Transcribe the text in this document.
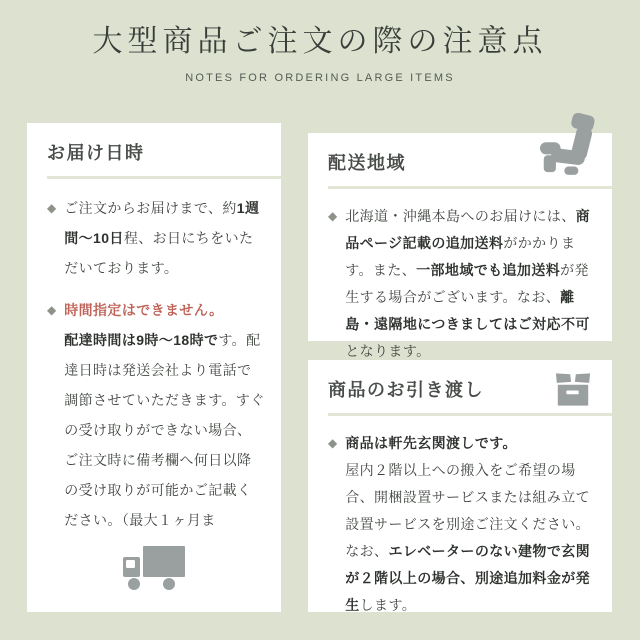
大型商品ご注文の際の注意点
NOTES FOR ORDERING LARGE ITEMS
お届け日時
◆ ご注文からお届けまで、約1週間～10日程、お日にちをいただいております。

◆ 時間指定はできません。
配達時間は9時～18時です。配達日時は発送会社より電話で調節させていただきます。すぐの受け取りができない場合、ご注文時に備考欄へ何日以降の受け取りが可能かご記載ください。（最大１ヶ月ま

配送地域
◆ 北海道・沖縄本島へのお届けには、商品ページ記載の追加送料がかかります。また、一部地域でも追加送料が発生する場合がございます。なお、離島・遠隔地につきましてはご対応不可となります。

商品のお引き渡し
◆ 商品は軒先玄関渡しです。
屋内２階以上への搬入をご希望の場合、開梱設置サービスまたは組み立て設置サービスを別途ご注文ください。なお、エレベーターのない建物で玄関が２階以上の場合、別途追加料金が発生します。
